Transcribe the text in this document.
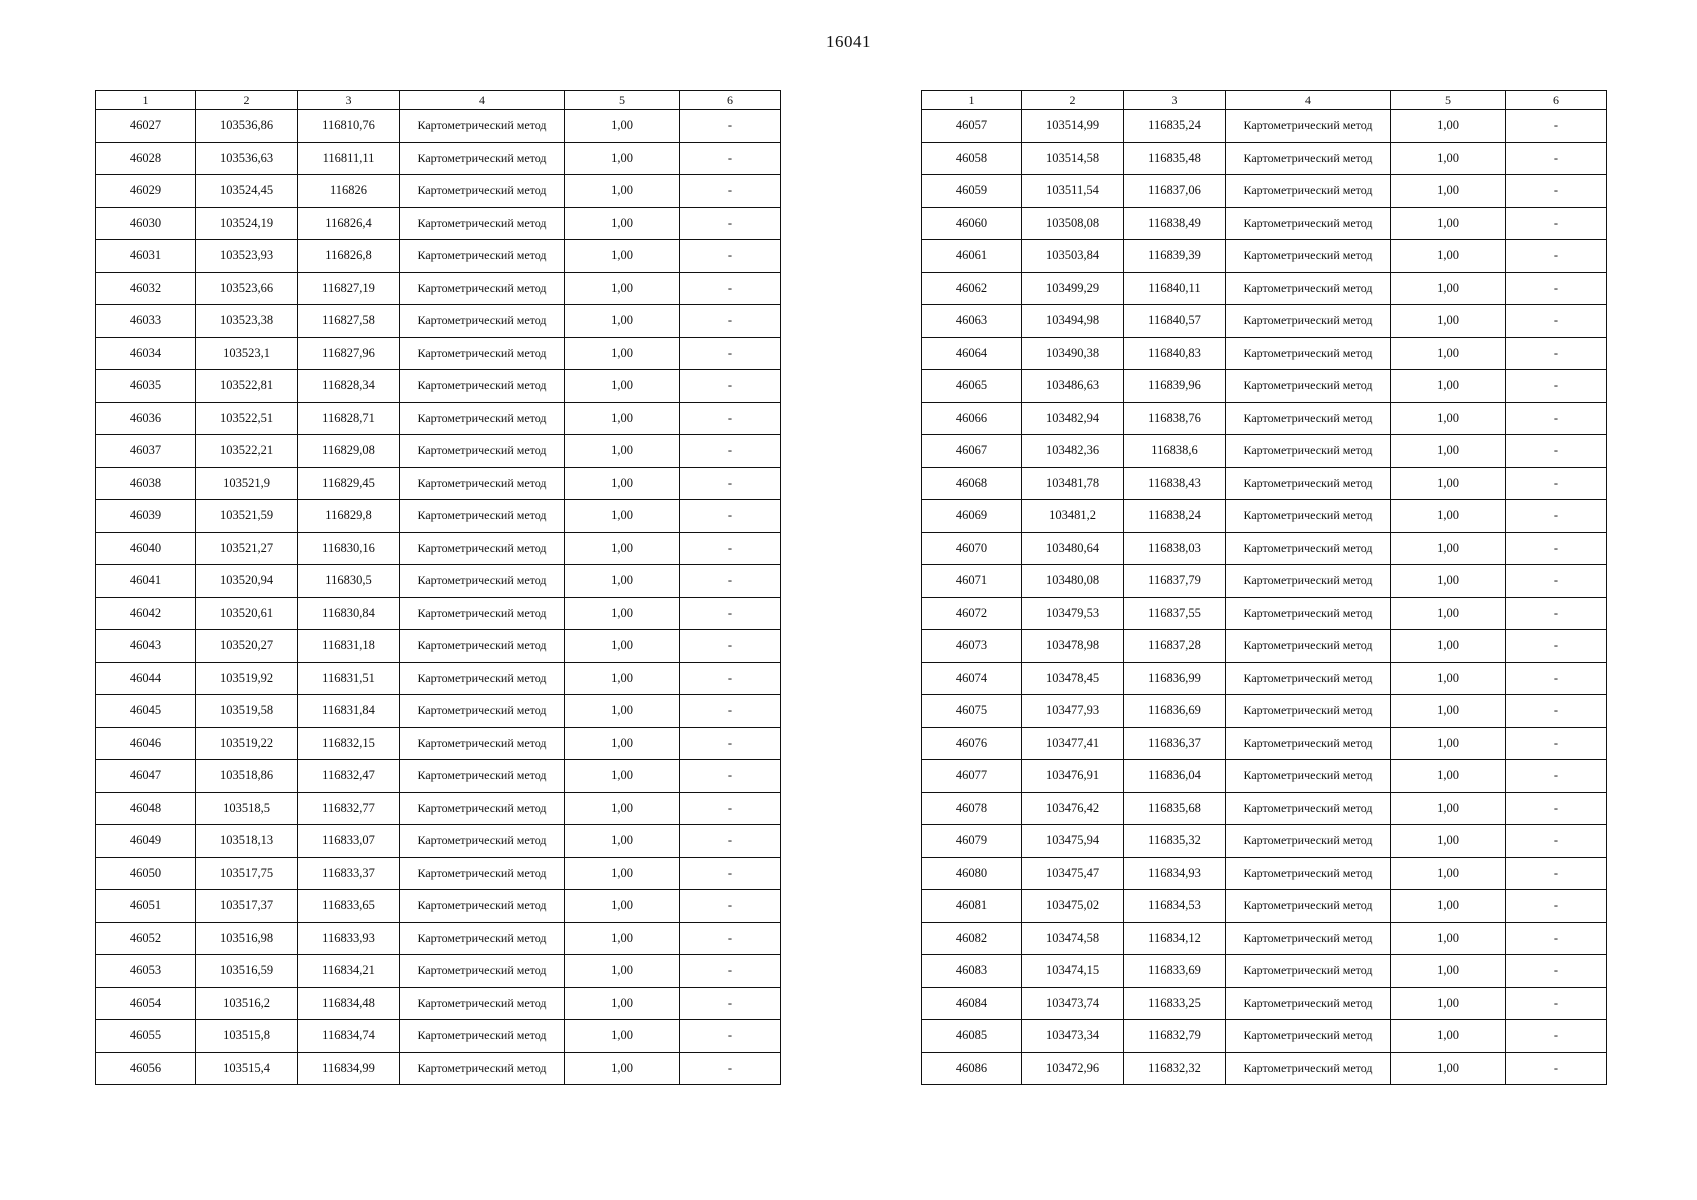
16041
1	2	3	4	5	6
46027	103536,86	116810,76	Картометрический метод	1,00	-
46028	103536,63	116811,11	Картометрический метод	1,00	-
46029	103524,45	116826	Картометрический метод	1,00	-
46030	103524,19	116826,4	Картометрический метод	1,00	-
46031	103523,93	116826,8	Картометрический метод	1,00	-
46032	103523,66	116827,19	Картометрический метод	1,00	-
46033	103523,38	116827,58	Картометрический метод	1,00	-
46034	103523,1	116827,96	Картометрический метод	1,00	-
46035	103522,81	116828,34	Картометрический метод	1,00	-
46036	103522,51	116828,71	Картометрический метод	1,00	-
46037	103522,21	116829,08	Картометрический метод	1,00	-
46038	103521,9	116829,45	Картометрический метод	1,00	-
46039	103521,59	116829,8	Картометрический метод	1,00	-
46040	103521,27	116830,16	Картометрический метод	1,00	-
46041	103520,94	116830,5	Картометрический метод	1,00	-
46042	103520,61	116830,84	Картометрический метод	1,00	-
46043	103520,27	116831,18	Картометрический метод	1,00	-
46044	103519,92	116831,51	Картометрический метод	1,00	-
46045	103519,58	116831,84	Картометрический метод	1,00	-
46046	103519,22	116832,15	Картометрический метод	1,00	-
46047	103518,86	116832,47	Картометрический метод	1,00	-
46048	103518,5	116832,77	Картометрический метод	1,00	-
46049	103518,13	116833,07	Картометрический метод	1,00	-
46050	103517,75	116833,37	Картометрический метод	1,00	-
46051	103517,37	116833,65	Картометрический метод	1,00	-
46052	103516,98	116833,93	Картометрический метод	1,00	-
46053	103516,59	116834,21	Картометрический метод	1,00	-
46054	103516,2	116834,48	Картометрический метод	1,00	-
46055	103515,8	116834,74	Картометрический метод	1,00	-
46056	103515,4	116834,99	Картометрический метод	1,00	-
1	2	3	4	5	6
46057	103514,99	116835,24	Картометрический метод	1,00	-
46058	103514,58	116835,48	Картометрический метод	1,00	-
46059	103511,54	116837,06	Картометрический метод	1,00	-
46060	103508,08	116838,49	Картометрический метод	1,00	-
46061	103503,84	116839,39	Картометрический метод	1,00	-
46062	103499,29	116840,11	Картометрический метод	1,00	-
46063	103494,98	116840,57	Картометрический метод	1,00	-
46064	103490,38	116840,83	Картометрический метод	1,00	-
46065	103486,63	116839,96	Картометрический метод	1,00	-
46066	103482,94	116838,76	Картометрический метод	1,00	-
46067	103482,36	116838,6	Картометрический метод	1,00	-
46068	103481,78	116838,43	Картометрический метод	1,00	-
46069	103481,2	116838,24	Картометрический метод	1,00	-
46070	103480,64	116838,03	Картометрический метод	1,00	-
46071	103480,08	116837,79	Картометрический метод	1,00	-
46072	103479,53	116837,55	Картометрический метод	1,00	-
46073	103478,98	116837,28	Картометрический метод	1,00	-
46074	103478,45	116836,99	Картометрический метод	1,00	-
46075	103477,93	116836,69	Картометрический метод	1,00	-
46076	103477,41	116836,37	Картометрический метод	1,00	-
46077	103476,91	116836,04	Картометрический метод	1,00	-
46078	103476,42	116835,68	Картометрический метод	1,00	-
46079	103475,94	116835,32	Картометрический метод	1,00	-
46080	103475,47	116834,93	Картометрический метод	1,00	-
46081	103475,02	116834,53	Картометрический метод	1,00	-
46082	103474,58	116834,12	Картометрический метод	1,00	-
46083	103474,15	116833,69	Картометрический метод	1,00	-
46084	103473,74	116833,25	Картометрический метод	1,00	-
46085	103473,34	116832,79	Картометрический метод	1,00	-
46086	103472,96	116832,32	Картометрический метод	1,00	-
